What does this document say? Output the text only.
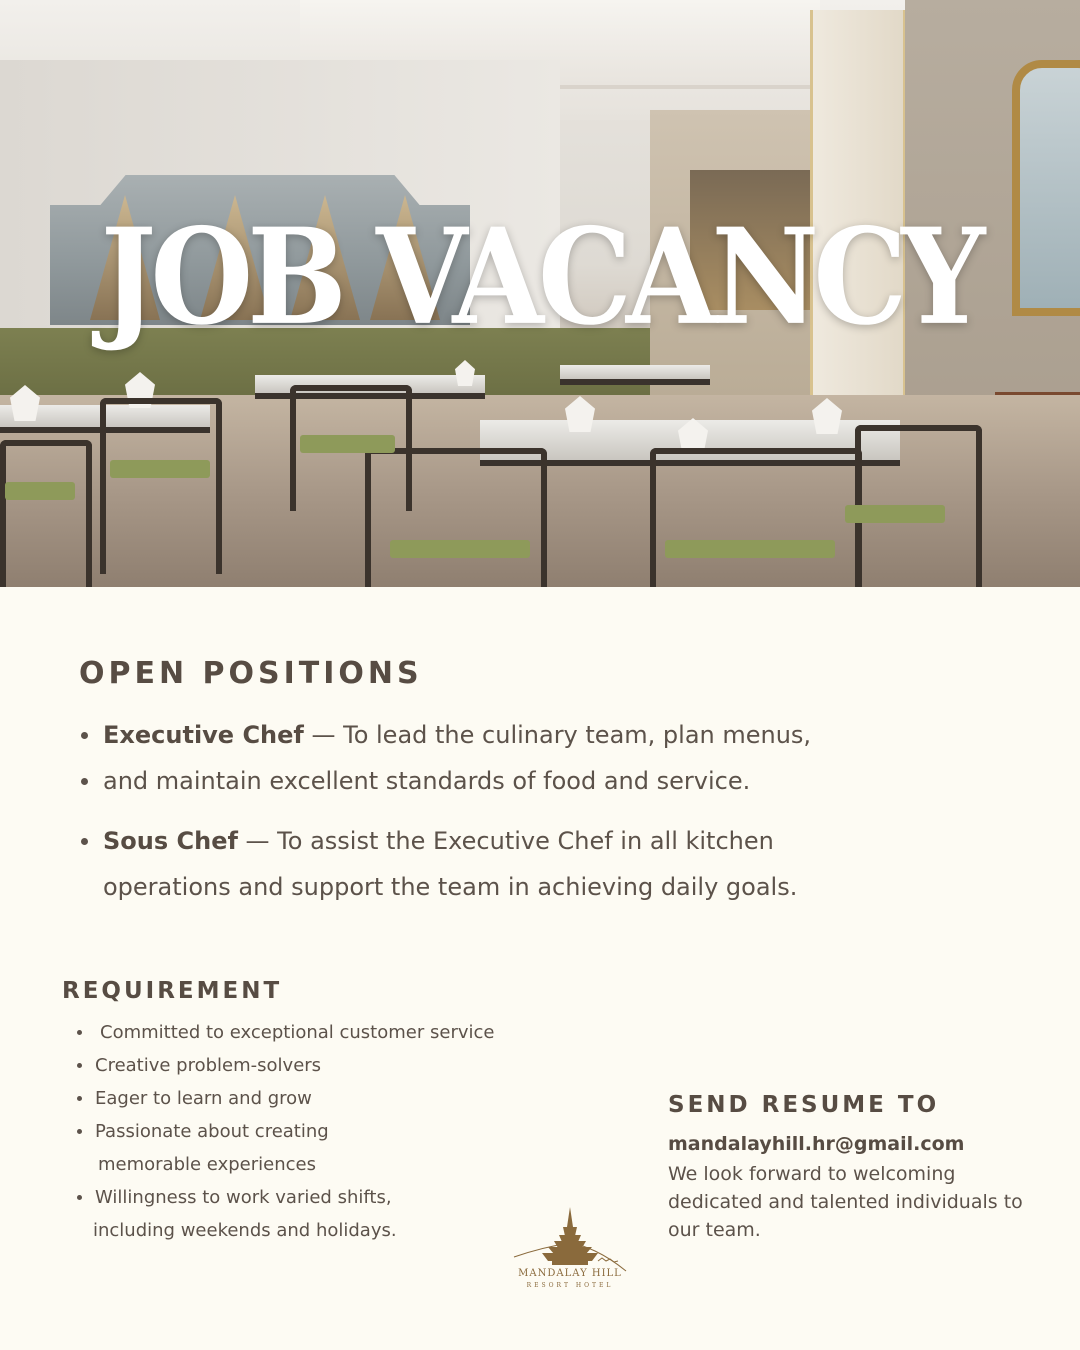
JOB VACANCY
OPEN POSITIONS
Executive Chef — To lead the culinary team, plan menus,
and maintain excellent standards of food and service.
Sous Chef — To assist the Executive Chef in all kitchen
operations and support the team in achieving daily goals.
REQUIREMENT
Committed to exceptional customer service
Creative problem-solvers
Eager to learn and grow
Passionate about creating
memorable experiences
Willingness to work varied shifts,
including weekends and holidays.
SEND RESUME TO

mandalayhill.hr@gmail.com

We look forward to welcoming dedicated and talented individuals to our team.

MANDALAY HILL

RESORT HOTEL
